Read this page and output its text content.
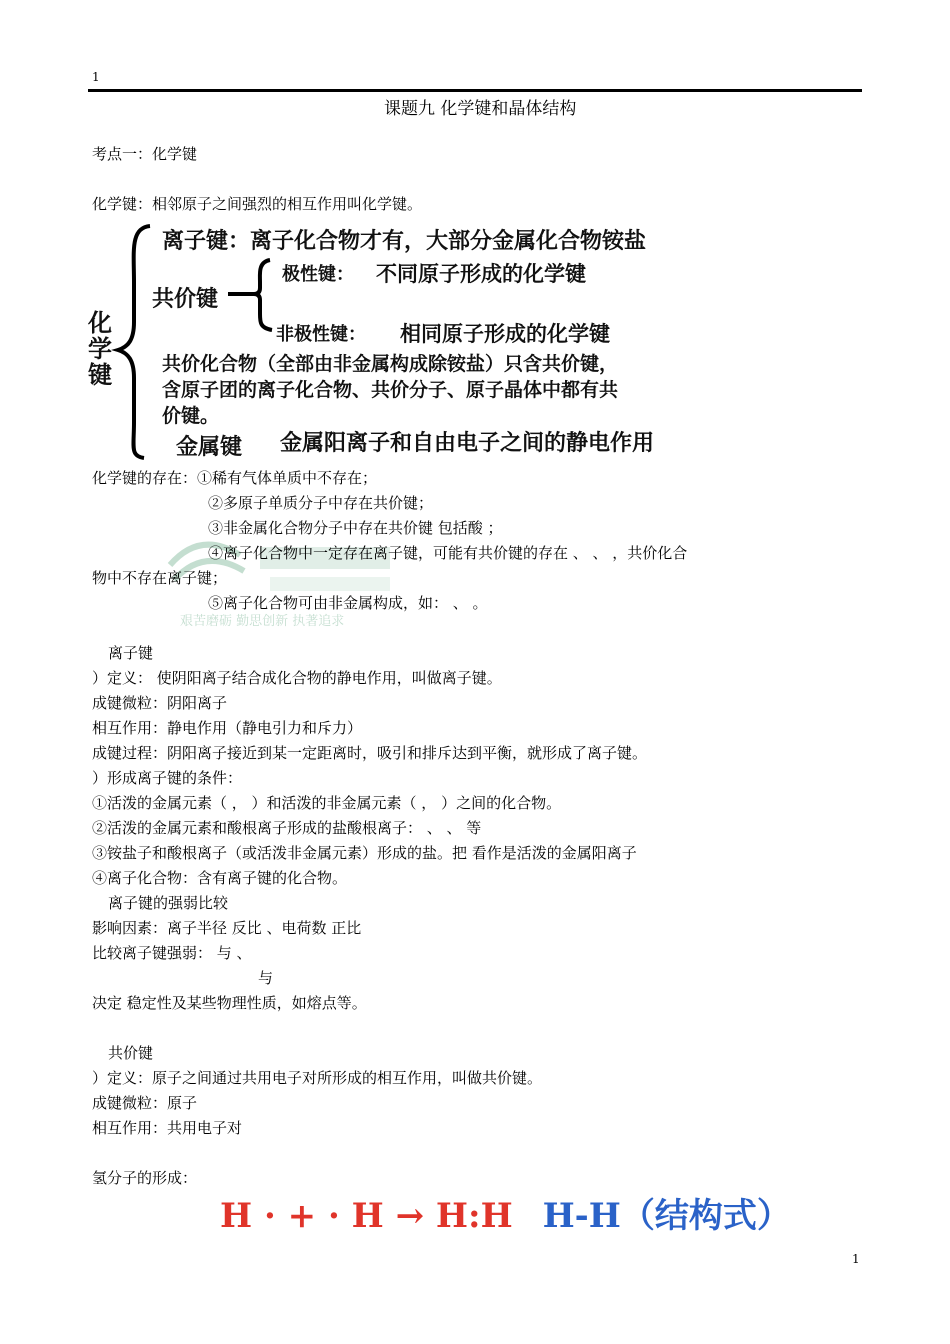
1
课题九 化学键和晶体结构
考点一：化学键
化学键：相邻原子之间强烈的相互作用叫化学键。
化学键
离子键：离子化合物才有，大部分金属化合物铵盐
共价键
极性键： 不同原子形成的化学键
非极性键： 相同原子形成的化学键
共价化合物（全部由非金属构成除铵盐）只含共价键，
含原子团的离子化合物、共价分子、原子晶体中都有共
价键。
金属键 金属阳离子和自由电子之间的静电作用
艰苦磨砺 勤思创新 执著追求
化学键的存在：①稀有气体单质中不存在；
②多原子单质分子中存在共价键；
③非金属化合物分子中存在共价键 包括酸 ；
④离子化合物中一定存在离子键，可能有共价键的存在 、 、 ，共价化合
物中不存在离子键；
⑤离子化合物可由非金属构成，如： 、 。
离子键
）定义： 使阴阳离子结合成化合物的静电作用，叫做离子键。
成键微粒：阴阳离子
相互作用：静电作用（静电引力和斥力）
成键过程：阴阳离子接近到某一定距离时，吸引和排斥达到平衡，就形成了离子键。
）形成离子键的条件：
①活泼的金属元素（ ， ）和活泼的非金属元素（ ， ）之间的化合物。
②活泼的金属元素和酸根离子形成的盐酸根离子： 、 、 等
③铵盐子和酸根离子（或活泼非金属元素）形成的盐。把 看作是活泼的金属阳离子
④离子化合物：含有离子键的化合物。
离子键的强弱比较
影响因素：离子半径 反比 、电荷数 正比
比较离子键强弱： 与 、
与
决定 稳定性及某些物理性质，如熔点等。
共价键
）定义：原子之间通过共用电子对所形成的相互作用，叫做共价键。
成键微粒：原子
相互作用：共用电子对
氢分子的形成：
H · + · H → H:H H-H（结构式）
1
